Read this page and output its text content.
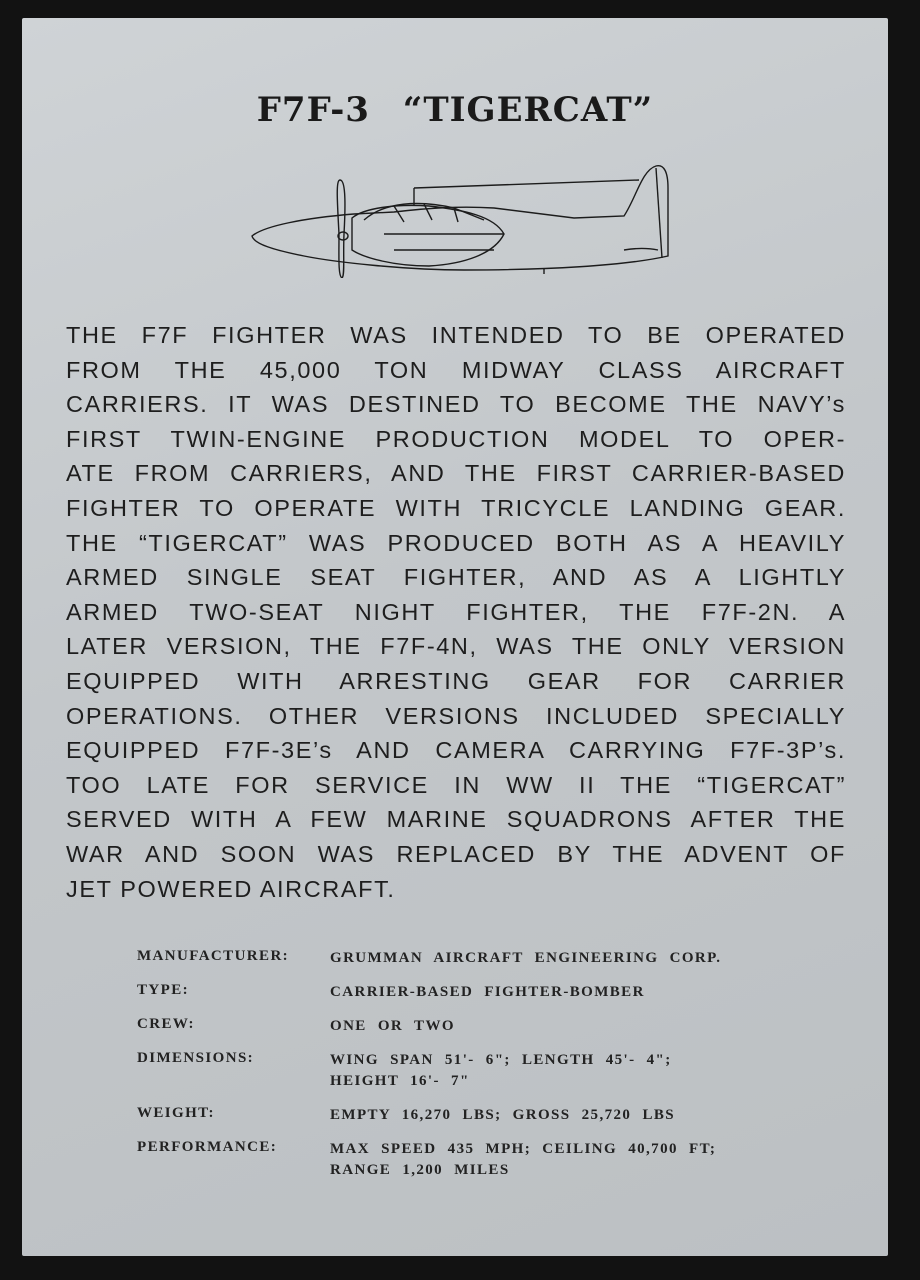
F7F-3 “TIGERCAT”
THE F7F FIGHTER WAS INTENDED TO BE OPERATED
FROM THE 45,000 TON MIDWAY CLASS AIRCRAFT
CARRIERS. IT WAS DESTINED TO BECOME THE NAVY’s
FIRST TWIN-ENGINE PRODUCTION MODEL TO OPER-
ATE FROM CARRIERS, AND THE FIRST CARRIER-BASED
FIGHTER TO OPERATE WITH TRICYCLE LANDING GEAR.
THE “TIGERCAT” WAS PRODUCED BOTH AS A HEAVILY
ARMED SINGLE SEAT FIGHTER, AND AS A LIGHTLY
ARMED TWO-SEAT NIGHT FIGHTER, THE F7F-2N. A
LATER VERSION, THE F7F-4N, WAS THE ONLY VERSION
EQUIPPED WITH ARRESTING GEAR FOR CARRIER
OPERATIONS. OTHER VERSIONS INCLUDED SPECIALLY
EQUIPPED F7F-3E’s AND CAMERA CARRYING F7F-3P’s.
TOO LATE FOR SERVICE IN WW II THE “TIGERCAT”
SERVED WITH A FEW MARINE SQUADRONS AFTER THE
WAR AND SOON WAS REPLACED BY THE ADVENT OF
JET POWERED AIRCRAFT.
MANUFACTURER:	GRUMMAN AIRCRAFT ENGINEERING CORP.
TYPE:	CARRIER-BASED FIGHTER-BOMBER
CREW:	ONE OR TWO
DIMENSIONS:	WING SPAN 51'- 6"; LENGTH 45'- 4";
HEIGHT 16'- 7"
WEIGHT:	EMPTY 16,270 LBS; GROSS 25,720 LBS
PERFORMANCE:	MAX SPEED 435 MPH; CEILING 40,700 FT;
RANGE 1,200 MILES
